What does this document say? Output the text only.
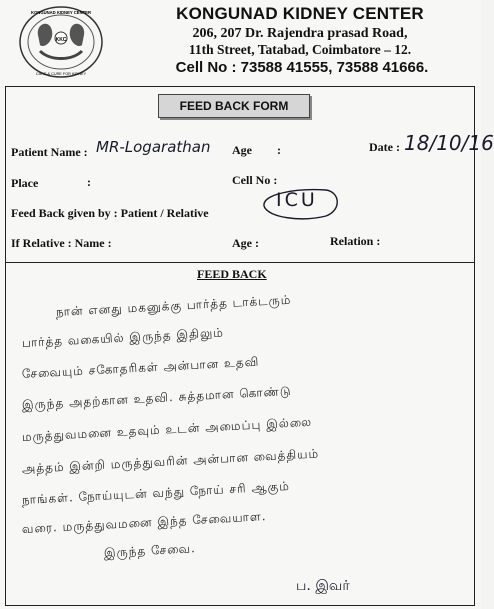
KKC
KONGUNAD KIDNEY CENTER
CARE & CURE FOR KIDNEY
KONGUNAD KIDNEY CENTER
206, 207 Dr. Rajendra prasad Road,
11th Street, Tatabad, Coimbatore – 12.
Cell No : 73588 41555, 73588 41666.
FEED BACK FORM
Patient Name : MR-Logarathan Age :	Date : 18/10/16
Place	:	Cell No :
ICU
Feed Back given by : Patient / Relative
If Relative : Name :	Age :	Relation :
FEED BACK
நான் எனது மகனுக்கு பார்த்த டாக்டரும்
பார்த்த வகையில் இருந்த இதிலும்
சேவையும் சகோதரிகள் அன்பான உதவி
இருந்த அதற்கான உதவி. சுத்தமான கொண்டு
மருத்துவமனை உதவும் உடன் அமைப்பு இல்லை
அத்தம் இன்றி மருத்துவரின் அன்பான வைத்தியம்
நாங்கள். நோய்யுடன் வந்து நோய் சரி ஆகும்
வரை. மருத்துவமனை இந்த சேவையாள.
இருந்த சேவை.
ப. இவர்
